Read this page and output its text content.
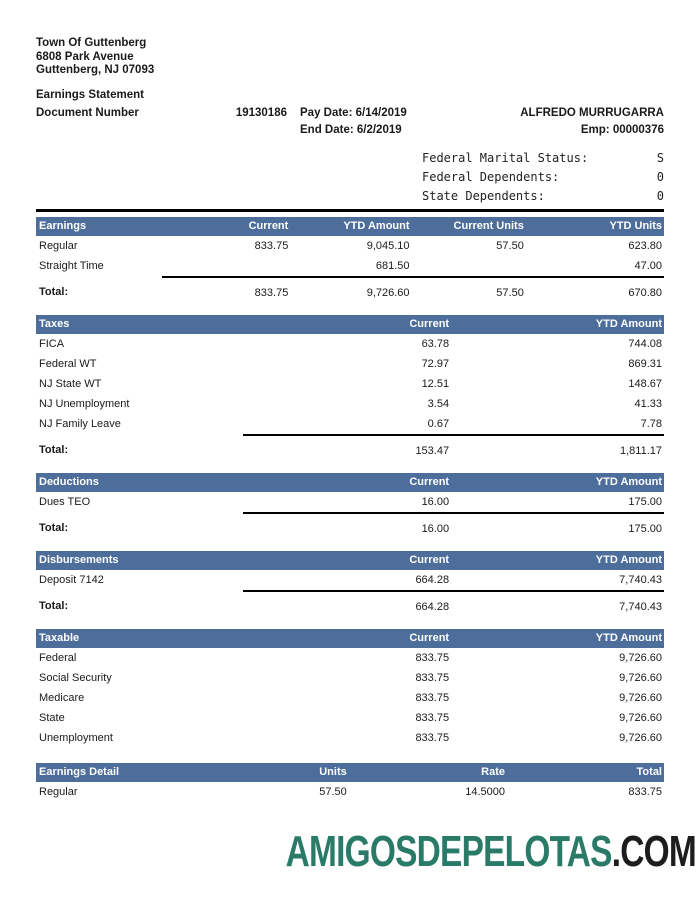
Town Of Guttenberg
6808 Park Avenue
Guttenberg, NJ 07093
Earnings Statement
Document Number	19130186 Pay Date: 6/14/2019
End Date: 6/2/2019
ALFREDO MURRUGARRA
Emp: 00000376
Federal Marital Status:	S
Federal Dependents:	0
State Dependents:	0
Earnings	Current	YTD Amount	Current Units	YTD Units
Regular	833.75	9,045.10	57.50	623.80
Straight Time		681.50		47.00
Total:	833.75	9,726.60	57.50	670.80
Taxes	Current	YTD Amount
FICA	63.78	744.08
Federal WT	72.97	869.31
NJ State WT	12.51	148.67
NJ Unemployment	3.54	41.33
NJ Family Leave	0.67	7.78
Total:	153.47	1,811.17
Deductions	Current	YTD Amount
Dues TEO	16.00	175.00
Total:	16.00	175.00
Disbursements	Current	YTD Amount
Deposit 7142	664.28	7,740.43
Total:	664.28	7,740.43
Taxable	Current	YTD Amount
Federal	833.75	9,726.60
Social Security	833.75	9,726.60
Medicare	833.75	9,726.60
State	833.75	9,726.60
Unemployment	833.75	9,726.60
Earnings Detail	Units	Rate	Total
Regular	57.50	14.5000	833.75
AMIGOSDEPELOTAS.COM
